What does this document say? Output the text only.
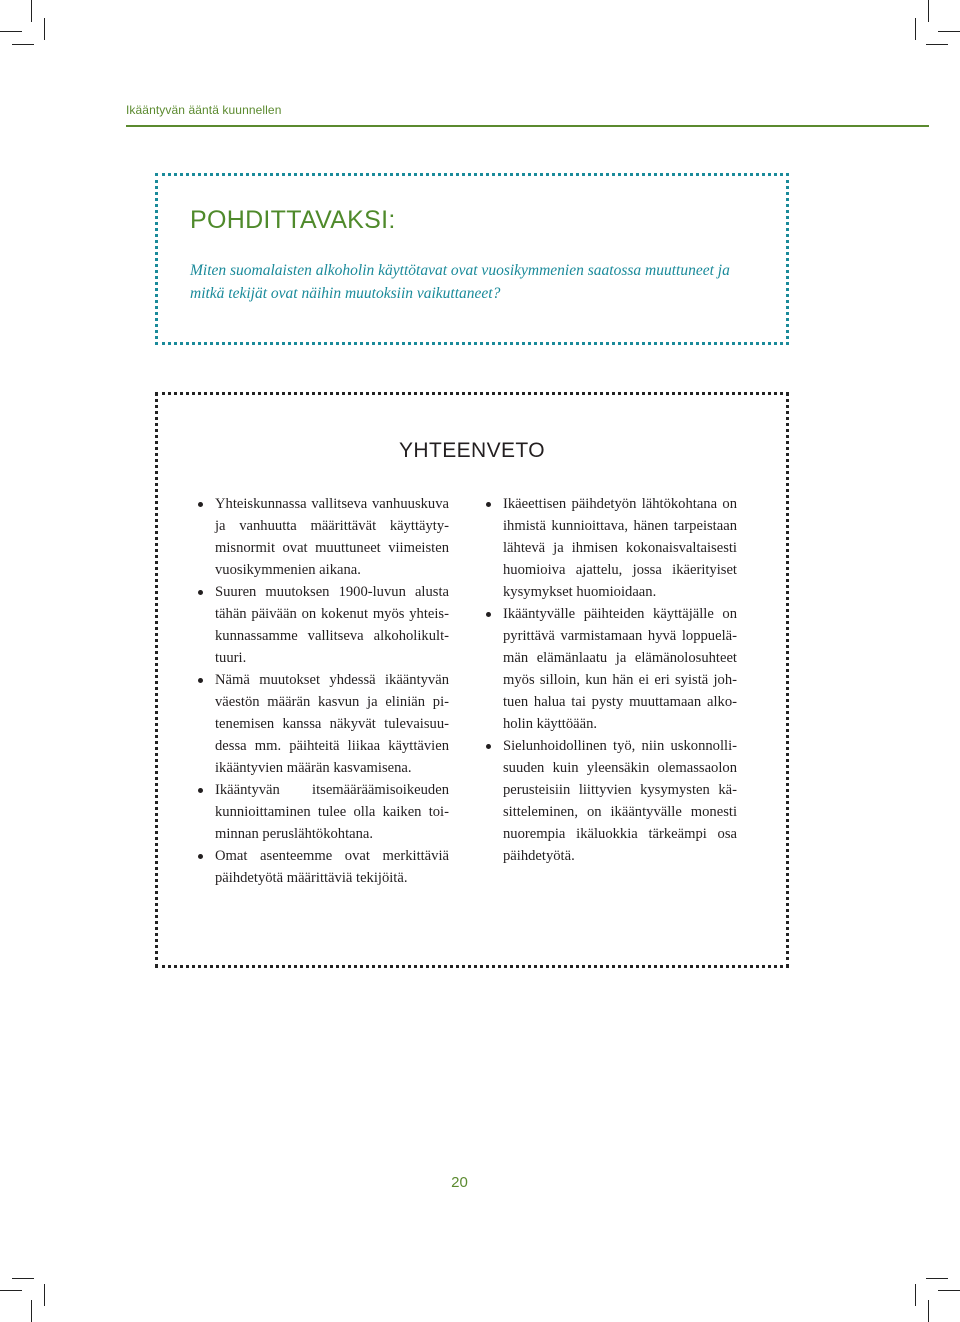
Ikääntyvän ääntä kuunnellen
POHDITTAVAKSI:
Miten suomalaisten alkoholin käyttötavat ovat vuosikymmenien saatossa muuttuneet ja mitkä tekijät ovat näihin muutoksiin vaikuttaneet?
YHTEENVETO
Yhteiskunnassa vallitseva vanhuuskuva ja vanhuutta määrittävät käyttäytymisnormit ovat muuttuneet viimeisten vuosikymmenien aikana.
Suuren muutoksen 1900-luvun alusta tähän päivään on kokenut myös yhteiskunnassamme vallitseva alkoholikulttuuri.
Nämä muutokset yhdessä ikääntyvän väestön määrän kasvun ja eliniän pitenemisen kanssa näkyvät tulevaisuudessa mm. päihteitä liikaa käyttävien ikääntyvien määrän kasvamisena.
Ikääntyvän itsemääräämisoikeuden kunnioittaminen tulee olla kaiken toiminnan peruslähtökohtana.
Omat asenteemme ovat merkittäviä päihdetyötä määrittäviä tekijöitä.
Ikäeettisen päihdetyön lähtökohtana on ihmistä kunnioittava, hänen tarpeistaan lähtevä ja ihmisen kokonaisvaltaisesti huomioiva ajattelu, jossa ikäerityiset kysymykset huomioidaan.
Ikääntyvälle päihteiden käyttäjälle on pyrittävä varmistamaan hyvä loppuelämän elämänlaatu ja elämänolosuhteet myös silloin, kun hän ei eri syistä johtuen halua tai pysty muuttamaan alkoholin käyttöään.
Sielunhoidollinen työ, niin uskonnollisuuden kuin yleensäkin olemassaolon perusteisiin liittyvien kysymysten käsitteleminen, on ikääntyvälle monesti nuorempia ikäluokkia tärkeämpi osa päihdetyötä.
20
